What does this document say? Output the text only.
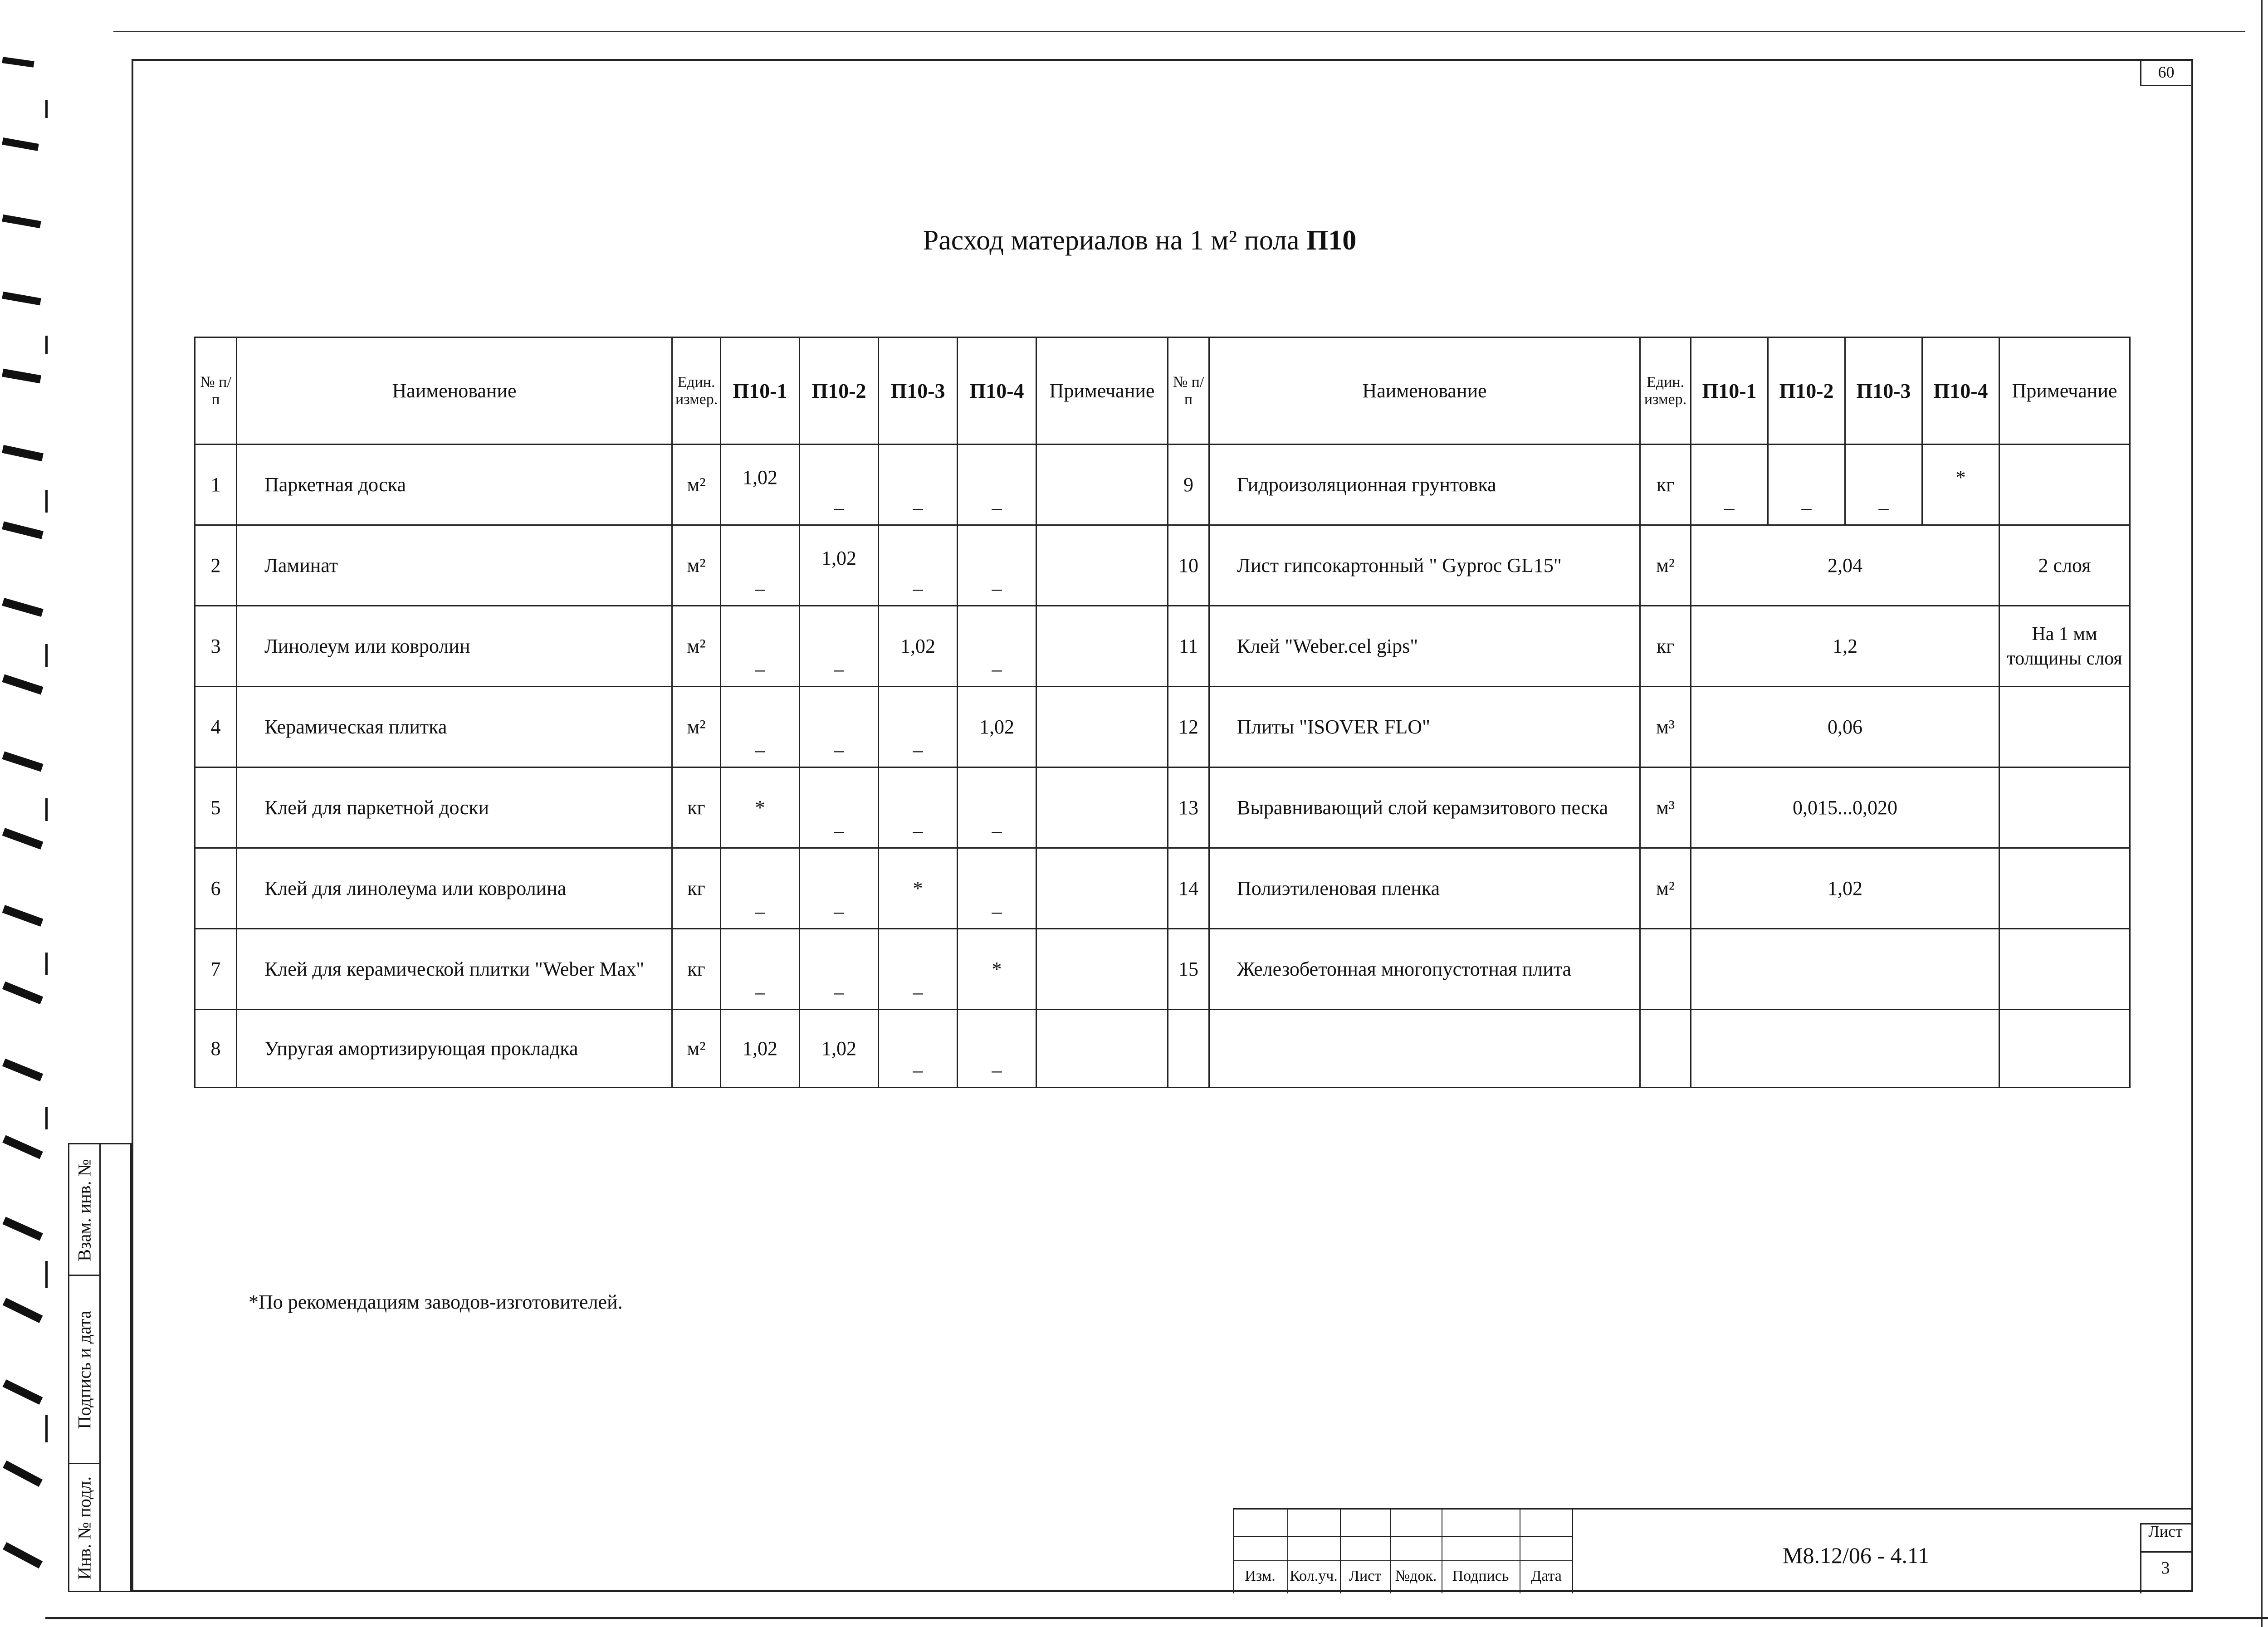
60
Расход материалов на 1 м² пола П10
№ п/п	Наименование	Един. измер.	П10-1	П10-2	П10-3	П10-4	Примечание	№ п/п	Наименование	Един. измер.	П10-1	П10-2	П10-3	П10-4	Примечание
1	Паркетная доска	м²	1,02	_	_	_		9	Гидроизоляционная грунтовка	кг	_	_	_	*	
2	Ламинат	м²	_	1,02	_	_		10	Лист гипсокартонный " Gyproc GL15"	м²	2,04				2 слоя
3	Линолеум или ковролин	м²	_	_	1,02	_		11	Клей "Weber.cel gips"	кг	1,2				На 1 мм толщины слоя
4	Керамическая плитка	м²	_	_	_	1,02		12	Плиты "ISOVER FLO"	м³	0,06				
5	Клей для паркетной доски	кг	*	_	_	_		13	Выравнивающий слой керамзитового песка	м³	0,015...0,020				
6	Клей для линолеума или ковролина	кг	_	_	*	_		14	Полиэтиленовая пленка	м²	1,02				
7	Клей для керамической плитки "Weber Max"	кг	_	_	_	*		15	Железобетонная многопустотная плита						
8	Упругая амортизирующая прокладка	м²	1,02	1,02	_	_									
*По рекомендациям заводов-изготовителей.
Взам. инв. №
Подпись и дата
Инв. № подл.	Изм. Кол.уч. Лист №док.	Подпись	Дата
М8.12/06 - 4.11
Лист
3
